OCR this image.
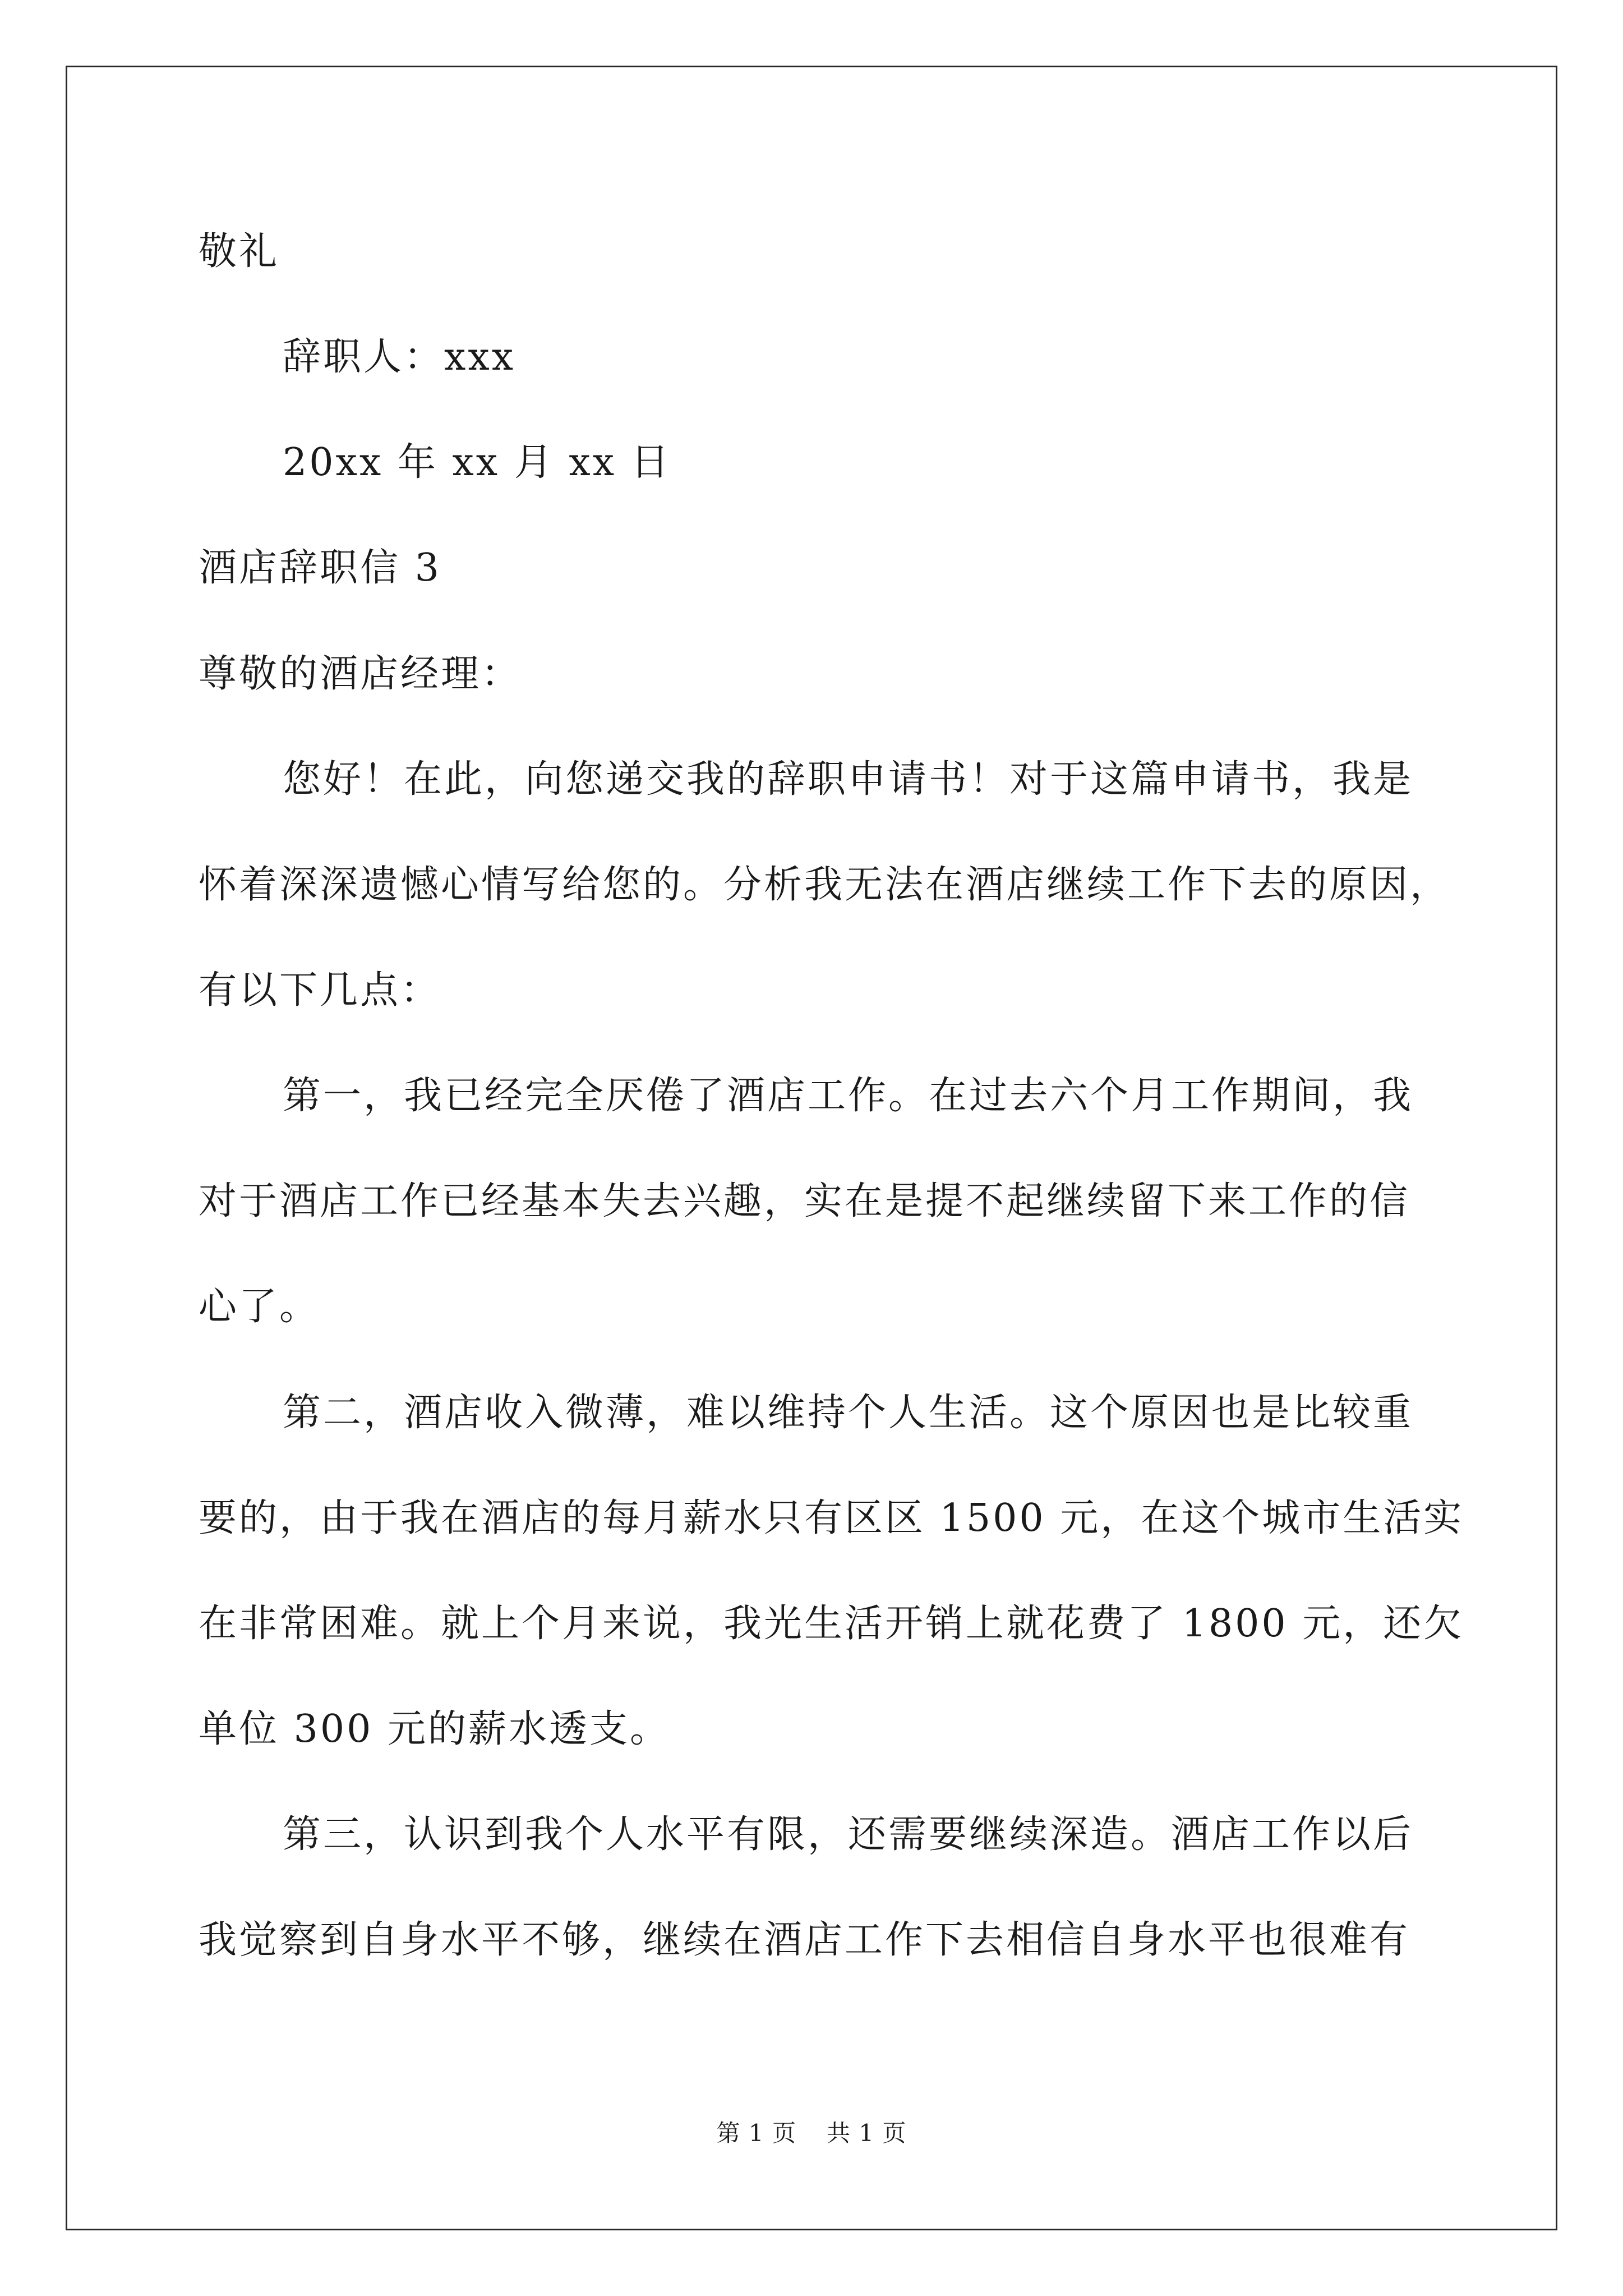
敬礼
辞职人：xxx
20xx 年 xx 月 xx 日
酒店辞职信 3
尊敬的酒店经理：
您好！在此，向您递交我的辞职申请书！对于这篇申请书，我是
怀着深深遗憾心情写给您的。分析我无法在酒店继续工作下去的原因，
有以下几点：
第一，我已经完全厌倦了酒店工作。在过去六个月工作期间，我
对于酒店工作已经基本失去兴趣，实在是提不起继续留下来工作的信
心了。
第二，酒店收入微薄，难以维持个人生活。这个原因也是比较重
要的，由于我在酒店的每月薪水只有区区 1500 元，在这个城市生活实
在非常困难。就上个月来说，我光生活开销上就花费了 1800 元，还欠
单位 300 元的薪水透支。
第三，认识到我个人水平有限，还需要继续深造。酒店工作以后
我觉察到自身水平不够，继续在酒店工作下去相信自身水平也很难有
第 1 页 共 1 页
